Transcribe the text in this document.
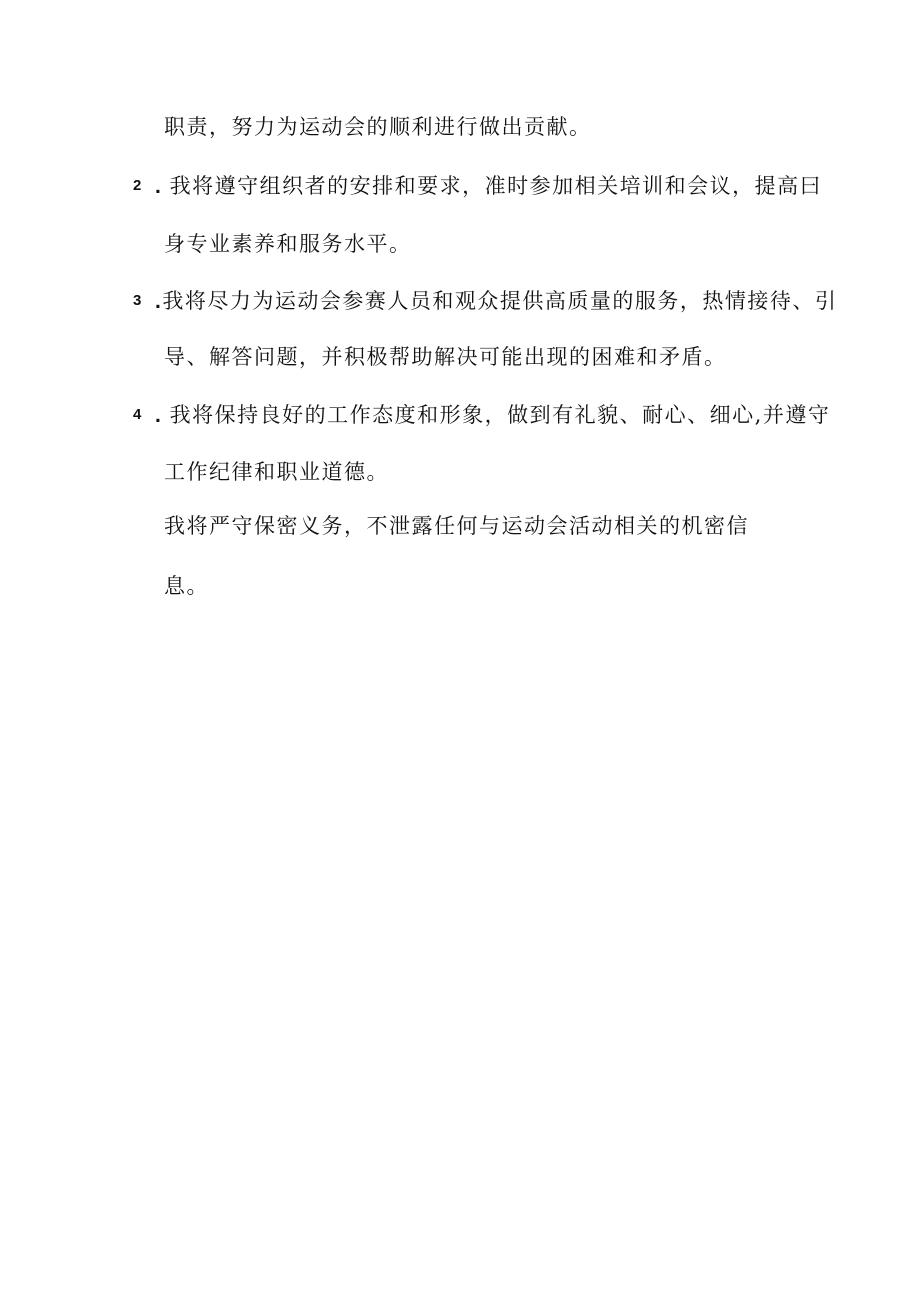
职责，努力为运动会的顺利进行做出贡献。
2 . 我将遵守组织者的安排和要求，准时参加相关培训和会议，提高曰
身专业素养和服务水平。
3 .我将尽力为运动会参赛人员和观众提供高质量的服务，热情接待、引
导、解答问题，并积极帮助解决可能出现的困难和矛盾。
4 . 我将保持良好的工作态度和形象，做到有礼貌、耐心、细心,并遵守
工作纪律和职业道德。
我将严守保密义务，不泄露任何与运动会活动相关的机密信
息。
